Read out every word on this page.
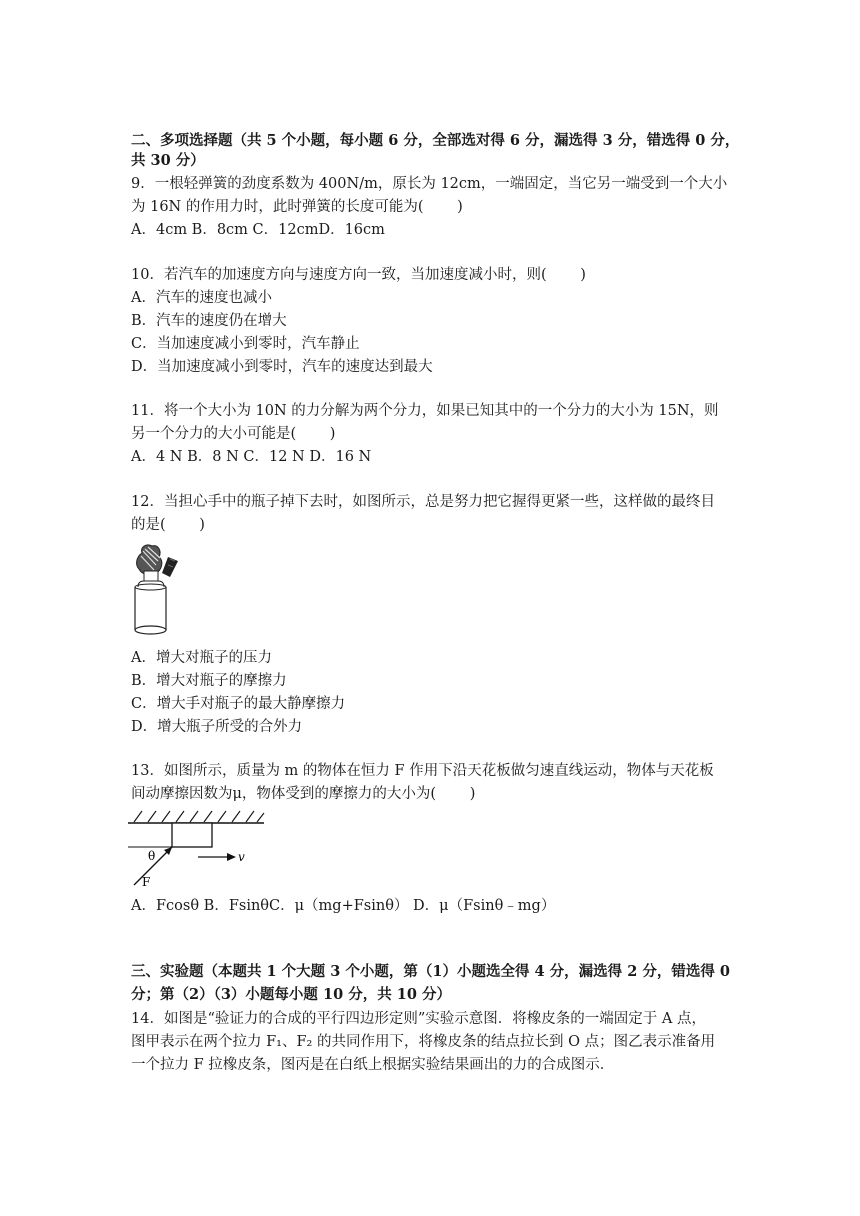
二、多项选择题（共 5 个小题，每小题 6 分，全部选对得 6 分，漏选得 3 分，错选得 0 分，
共 30 分）
9．一根轻弹簧的劲度系数为 400N/m，原长为 12cm，一端固定，当它另一端受到一个大小
为 16N 的作用力时，此时弹簧的长度可能为(　　 )
A．4cm B．8cm C．12cmD．16cm
10．若汽车的加速度方向与速度方向一致，当加速度减小时，则(　　 )
A．汽车的速度也减小
B．汽车的速度仍在增大
C．当加速度减小到零时，汽车静止
D．当加速度减小到零时，汽车的速度达到最大
11．将一个大小为 10N 的力分解为两个分力，如果已知其中的一个分力的大小为 15N，则
另一个分力的大小可能是(　　 )
A．4 N B．8 N C．12 N D．16 N
12．当担心手中的瓶子掉下去时，如图所示，总是努力把它握得更紧一些，这样做的最终目
的是(　　 )
A．增大对瓶子的压力
B．增大对瓶子的摩擦力
C．增大手对瓶子的最大静摩擦力
D．增大瓶子所受的合外力
13．如图所示，质量为 m 的物体在恒力 F 作用下沿天花板做匀速直线运动，物体与天花板
间动摩擦因数为μ，物体受到的摩擦力的大小为(　　 )
v
θ
F
A．Fcosθ B．FsinθC．μ（mg+Fsinθ） D．μ（Fsinθ﹣mg）
三、实验题（本题共 1 个大题 3 个小题，第（1）小题选全得 4 分，漏选得 2 分，错选得 0
分；第（2）（3）小题每小题 10 分，共 10 分）
14．如图是“验证力的合成的平行四边形定则”实验示意图．将橡皮条的一端固定于 A 点，
图甲表示在两个拉力 F₁、F₂ 的共同作用下，将橡皮条的结点拉长到 O 点；图乙表示准备用
一个拉力 F 拉橡皮条，图丙是在白纸上根据实验结果画出的力的合成图示．
